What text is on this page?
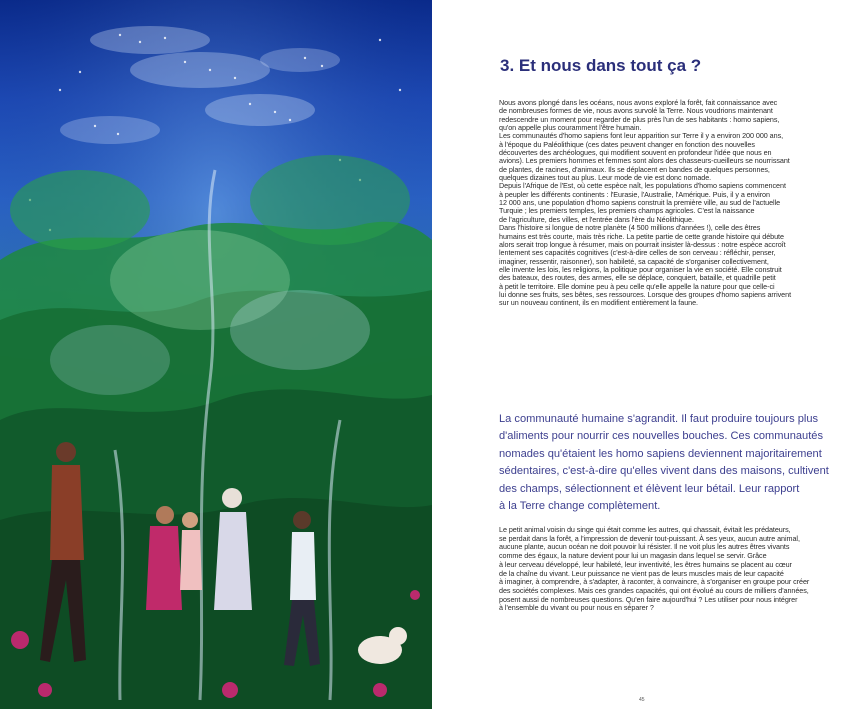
3. Et nous dans tout ça ?
Nous avons plongé dans les océans, nous avons exploré la forêt, fait connaissance avec
de nombreuses formes de vie, nous avons survolé la Terre. Nous voudrions maintenant
redescendre un moment pour regarder de plus près l'un de ses habitants : homo sapiens,
qu'on appelle plus couramment l'être humain.
Les communautés d'homo sapiens font leur apparition sur Terre il y a environ 200 000 ans,
à l'époque du Paléolithique (ces dates peuvent changer en fonction des nouvelles
découvertes des archéologues, qui modifient souvent en profondeur l'idée que nous en
avions). Les premiers hommes et femmes sont alors des chasseurs-cueilleurs se nourrissant
de plantes, de racines, d'animaux. Ils se déplacent en bandes de quelques personnes,
quelques dizaines tout au plus. Leur mode de vie est donc nomade.
Depuis l'Afrique de l'Est, où cette espèce naît, les populations d'homo sapiens commencent
à peupler les différents continents : l'Eurasie, l'Australie, l'Amérique. Puis, il y a environ
12 000 ans, une population d'homo sapiens construit la première ville, au sud de l'actuelle
Turquie ; les premiers temples, les premiers champs agricoles. C'est la naissance
de l'agriculture, des villes, et l'entrée dans l'ère du Néolithique.
Dans l'histoire si longue de notre planète (4 500 millions d'années !), celle des êtres
humains est très courte, mais très riche. La petite partie de cette grande histoire qui débute
alors serait trop longue à résumer, mais on pourrait insister là-dessus : notre espèce accroît
lentement ses capacités cognitives (c'est-à-dire celles de son cerveau : réfléchir, penser,
imaginer, ressentir, raisonner), son habileté, sa capacité de s'organiser collectivement,
elle invente les lois, les religions, la politique pour organiser la vie en société. Elle construit
des bateaux, des routes, des armes, elle se déplace, conquiert, bataille, et quadrille petit
à petit le territoire. Elle domine peu à peu celle qu'elle appelle la nature pour que celle-ci
lui donne ses fruits, ses bêtes, ses ressources. Lorsque des groupes d'homo sapiens arrivent
sur un nouveau continent, ils en modifient entièrement la faune.
La communauté humaine s'agrandit. Il faut produire toujours plus
d'aliments pour nourrir ces nouvelles bouches. Ces communautés
nomades qu'étaient les homo sapiens deviennent majoritairement
sédentaires, c'est-à-dire qu'elles vivent dans des maisons, cultivent
des champs, sélectionnent et élèvent leur bétail. Leur rapport
à la Terre change complètement.
Le petit animal voisin du singe qui était comme les autres, qui chassait, évitait les prédateurs,
se perdait dans la forêt, a l'impression de devenir tout-puissant. À ses yeux, aucun autre animal,
aucune plante, aucun océan ne doit pouvoir lui résister. Il ne voit plus les autres êtres vivants
comme des égaux, la nature devient pour lui un magasin dans lequel se servir. Grâce
à leur cerveau développé, leur habileté, leur inventivité, les êtres humains se placent au cœur
de la chaîne du vivant. Leur puissance ne vient pas de leurs muscles mais de leur capacité
à imaginer, à comprendre, à s'adapter, à raconter, à convaincre, à s'organiser en groupe pour créer
des sociétés complexes. Mais ces grandes capacités, qui ont évolué au cours de milliers d'années,
posent aussi de nombreuses questions. Qu'en faire aujourd'hui ? Les utiliser pour nous intégrer
à l'ensemble du vivant ou pour nous en séparer ?
45
